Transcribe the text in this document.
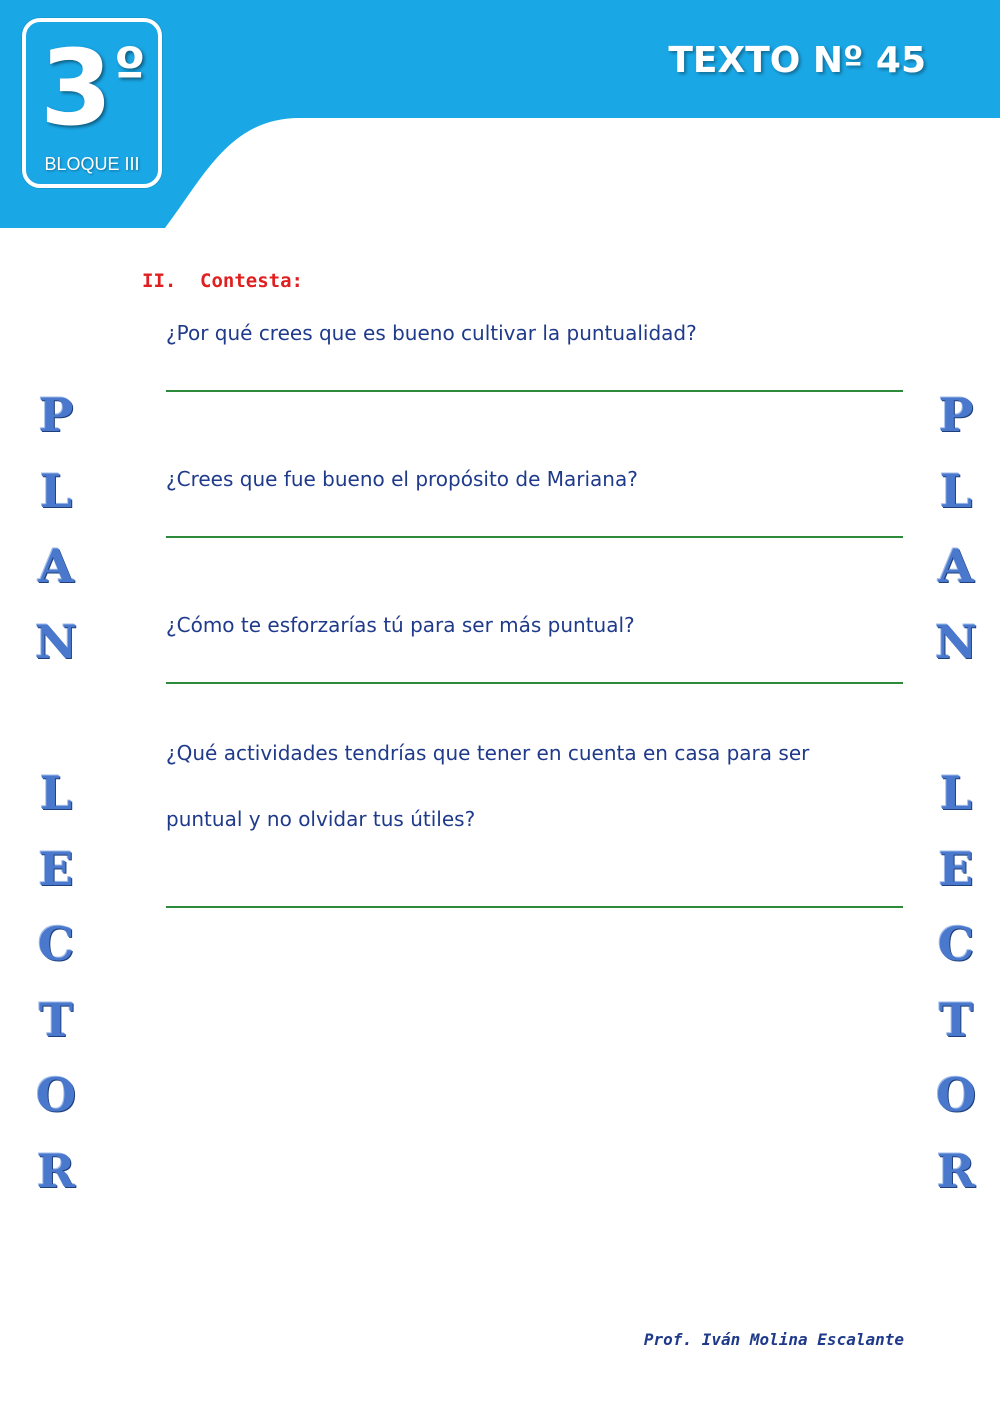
3 º
BLOQUE III
TEXTO Nº 45
P
L
A
N
L
E
C
T
O
R
P
L
A
N
L
E
C
T
O
R
II. Contesta:

¿Por qué crees que es bueno cultivar la puntualidad?

¿Crees que fue bueno el propósito de Mariana?

¿Cómo te esforzarías tú para ser más puntual?

¿Qué actividades tendrías que tener en cuenta en casa para ser puntual y no olvidar tus útiles?

Prof. Iván Molina Escalante
